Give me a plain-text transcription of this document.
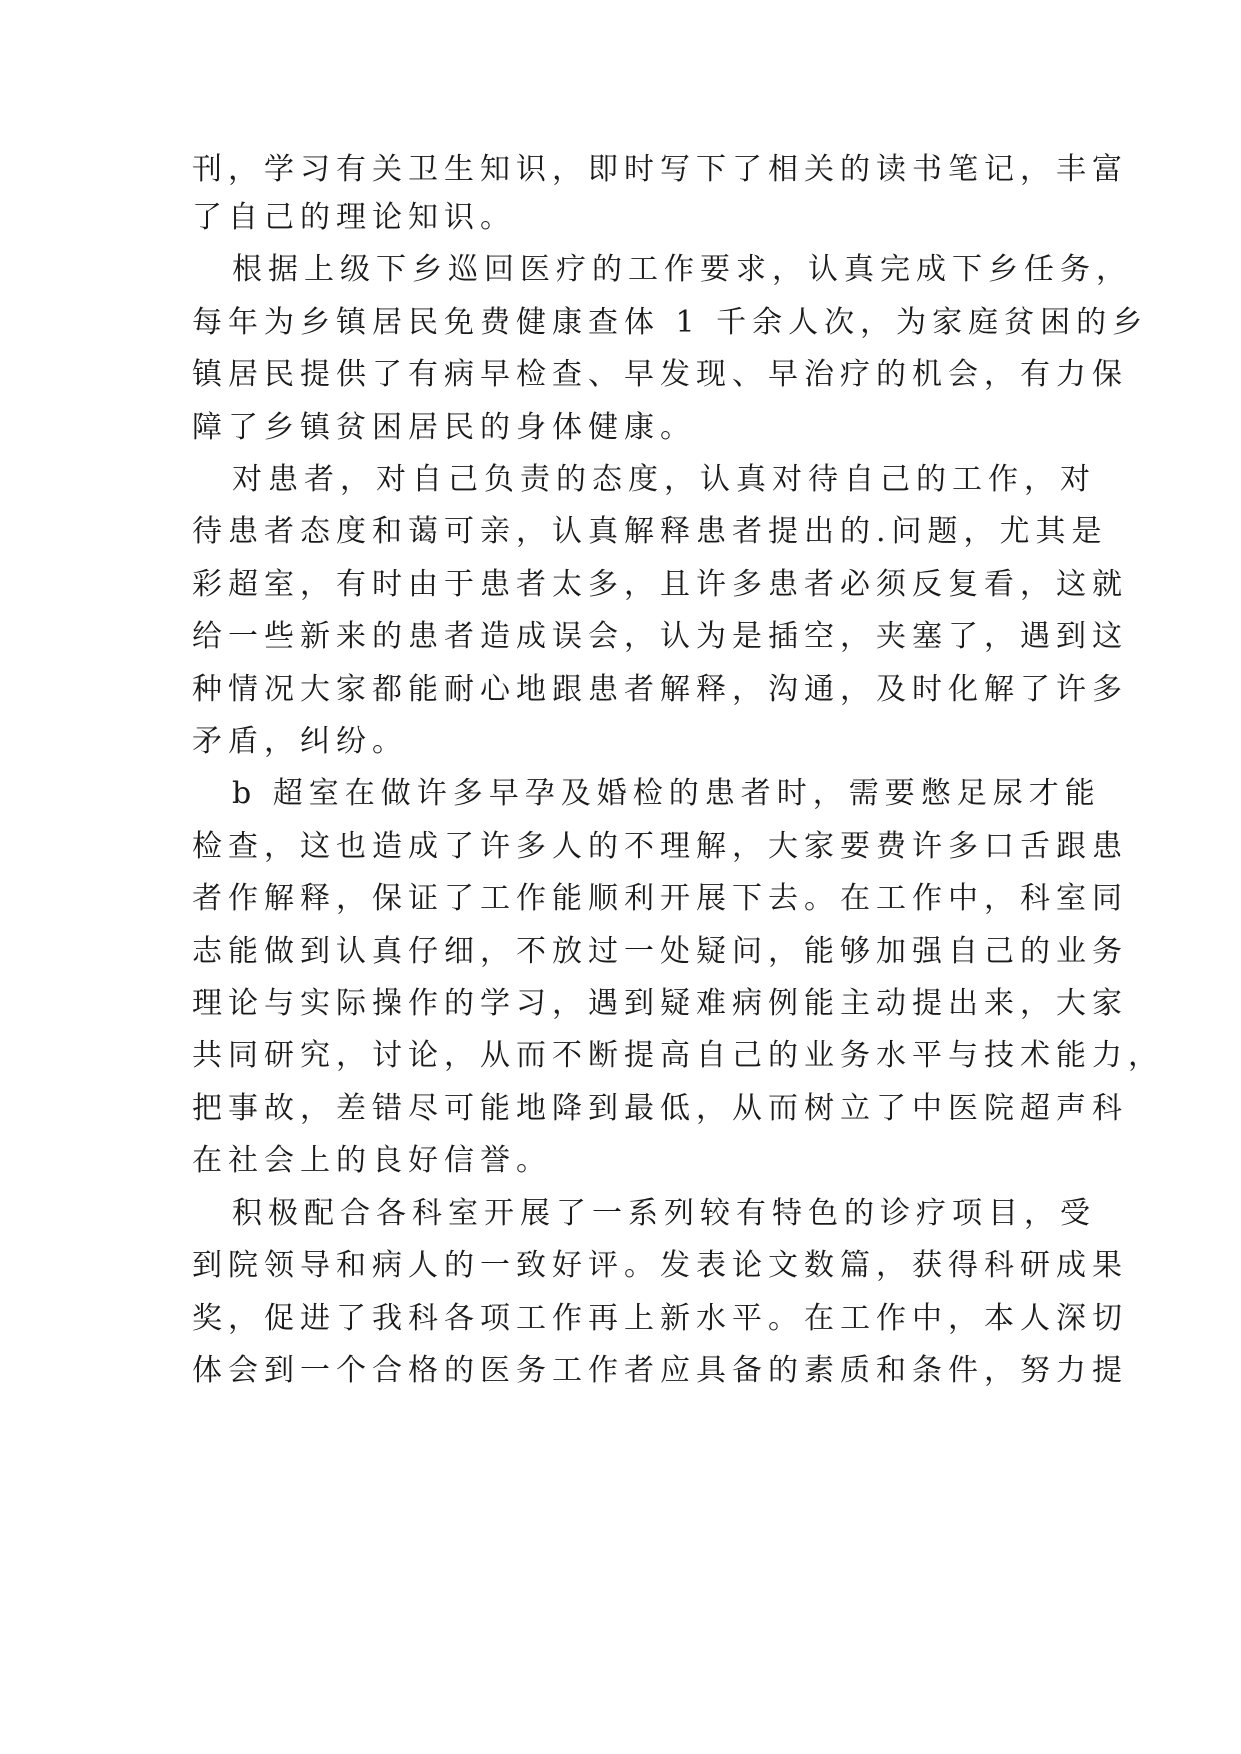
刊，学习有关卫生知识，即时写下了相关的读书笔记，丰富
了自己的理论知识。
根据上级下乡巡回医疗的工作要求，认真完成下乡任务，
每年为乡镇居民免费健康查体 1 千余人次，为家庭贫困的乡
镇居民提供了有病早检查、早发现、早治疗的机会，有力保
障了乡镇贫困居民的身体健康。
对患者，对自己负责的态度，认真对待自己的工作，对
待患者态度和蔼可亲，认真解释患者提出的.问题，尤其是
彩超室，有时由于患者太多，且许多患者必须反复看，这就
给一些新来的患者造成误会，认为是插空，夹塞了，遇到这
种情况大家都能耐心地跟患者解释，沟通，及时化解了许多
矛盾，纠纷。
b 超室在做许多早孕及婚检的患者时，需要憋足尿才能
检查，这也造成了许多人的不理解，大家要费许多口舌跟患
者作解释，保证了工作能顺利开展下去。在工作中，科室同
志能做到认真仔细，不放过一处疑问，能够加强自己的业务
理论与实际操作的学习，遇到疑难病例能主动提出来，大家
共同研究，讨论，从而不断提高自己的业务水平与技术能力，
把事故，差错尽可能地降到最低，从而树立了中医院超声科
在社会上的良好信誉。
积极配合各科室开展了一系列较有特色的诊疗项目，受
到院领导和病人的一致好评。发表论文数篇，获得科研成果
奖，促进了我科各项工作再上新水平。在工作中，本人深切
体会到一个合格的医务工作者应具备的素质和条件，努力提
